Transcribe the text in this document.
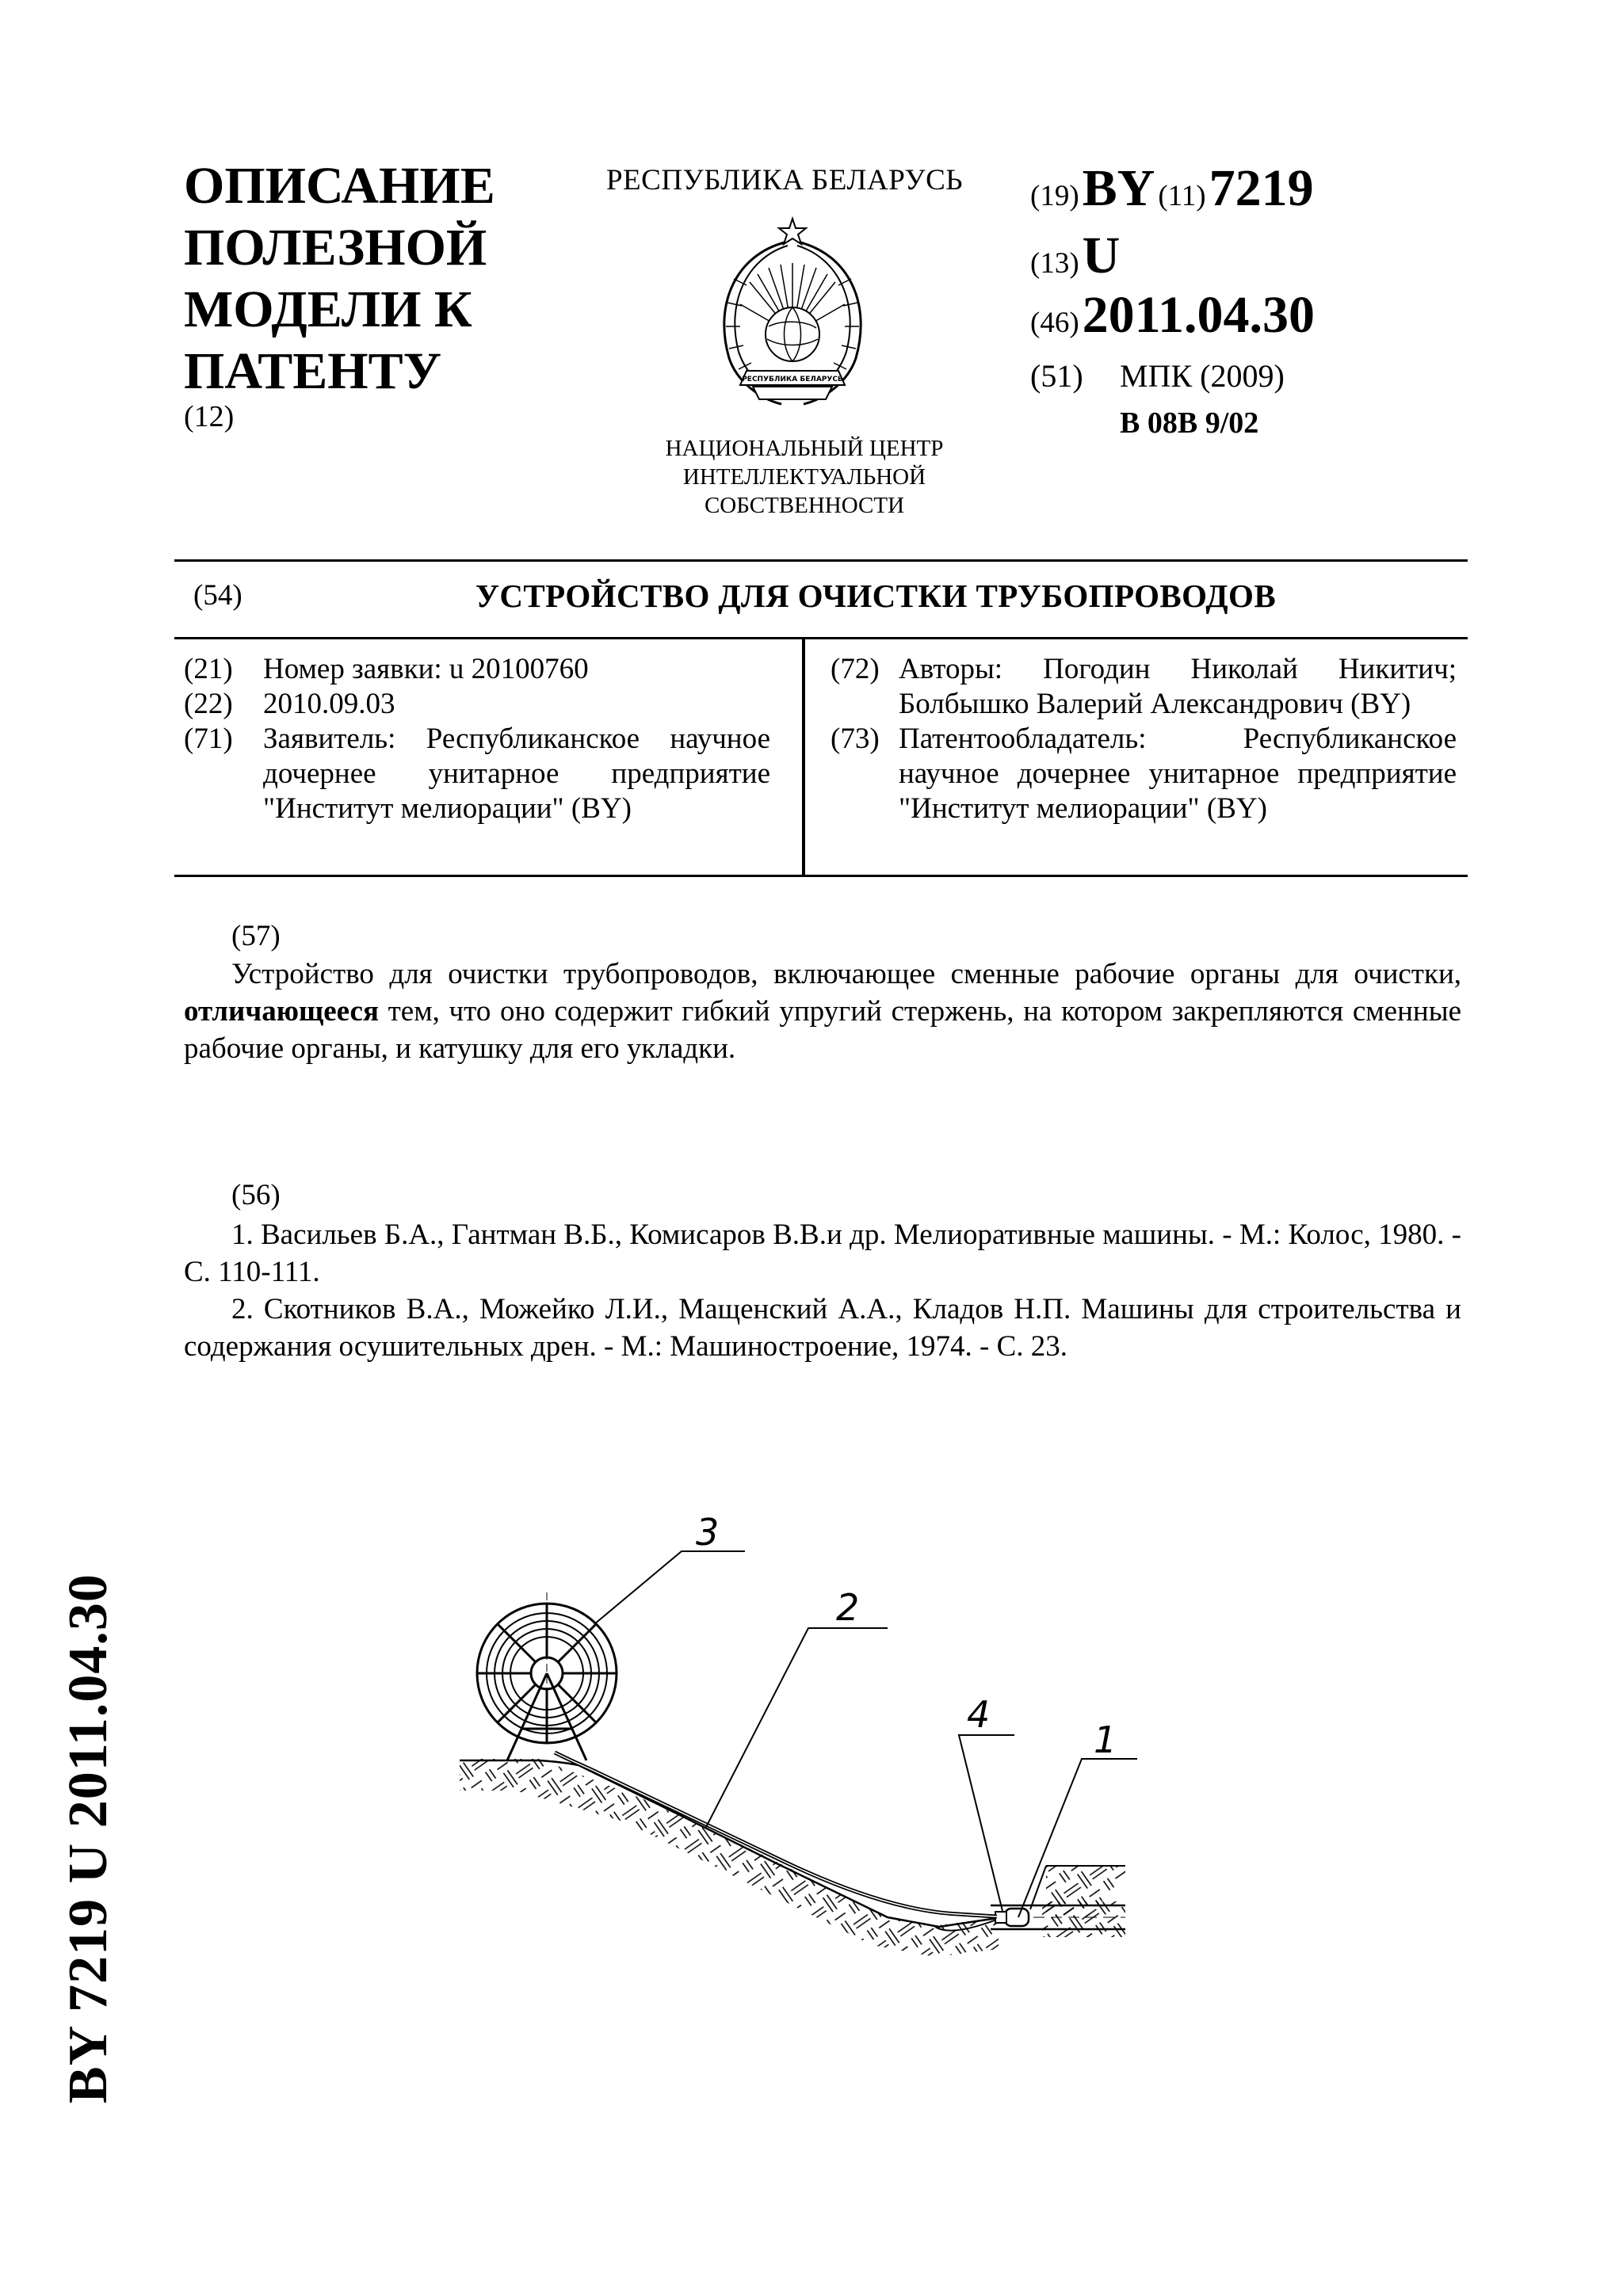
ОПИСАНИЕ ПОЛЕЗНОЙ МОДЕЛИ К ПАТЕНТУ
(12)
РЕСПУБЛИКА БЕЛАРУСЬ
РЕСПУБЛИКА БЕЛАРУСЬ
НАЦИОНАЛЬНЫЙ ЦЕНТР ИНТЕЛЛЕКТУАЛЬНОЙ СОБСТВЕННОСТИ
(19) BY (11) 7219
(13) U
(46) 2011.04.30
(51) МПК (2009)
B 08B 9/02
(54)	УСТРОЙСТВО ДЛЯ ОЧИСТКИ ТРУБОПРОВОДОВ
(21) Номер заявки: u 20100760
(22) 2010.09.03
(71) Заявитель: Республиканское научное дочернее унитарное предприятие "Институт мелиорации" (BY)
(72) Авторы: Погодин Николай Никитич; Болбышко Валерий Александрович (BY)
(73) Патентообладатель: Республиканское научное дочернее унитарное предприятие "Институт мелиорации" (BY)
(57)
Устройство для очистки трубопроводов, включающее сменные рабочие органы для очистки, отличающееся тем, что оно содержит гибкий упругий стержень, на котором закрепляются сменные рабочие органы, и катушку для его укладки.
(56)

1. Васильев Б.А., Гантман В.Б., Комисаров В.В.и др. Мелиоративные машины. - М.: Колос, 1980. - С. 110-111.

2. Скотников В.А., Можейко Л.И., Мащенский А.А., Кладов Н.П. Машины для строительства и содержания осушительных дрен. - М.: Машиностроение, 1974. - С. 23.

3
2
4
1
BY 7219 U 2011.04.30
